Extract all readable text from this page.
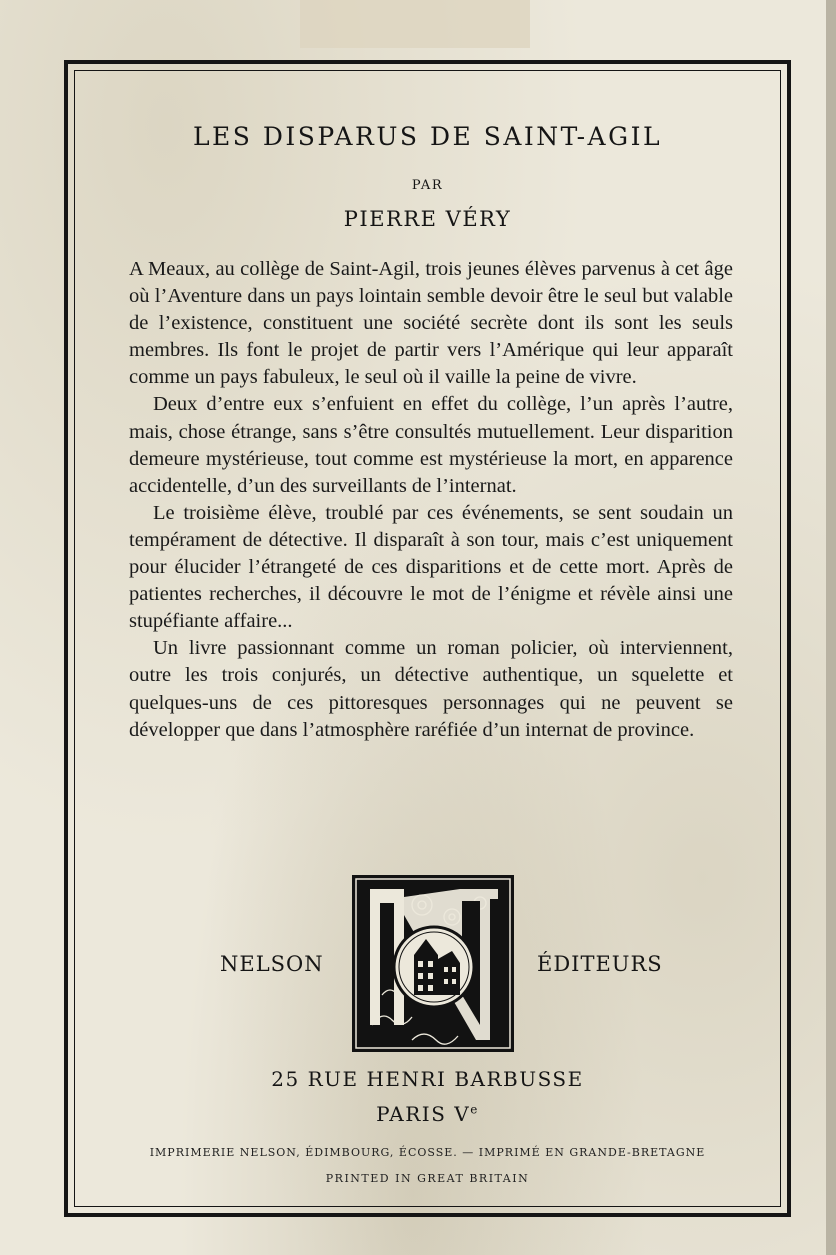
LES DISPARUS DE SAINT-AGIL
PAR
PIERRE VÉRY

A Meaux, au collège de Saint-Agil, trois jeunes élèves parvenus à cet âge où l’Aventure dans un pays lointain semble devoir être le seul but valable de l’existence, constituent une société secrète dont ils sont les seuls membres. Ils font le projet de partir vers l’Amérique qui leur apparaît comme un pays fabuleux, le seul où il vaille la peine de vivre.

Deux d’entre eux s’enfuient en effet du collège, l’un après l’autre, mais, chose étrange, sans s’être consultés mutuellement. Leur disparition demeure mystérieuse, tout comme est mystérieuse la mort, en apparence accidentelle, d’un des surveillants de l’internat.

Le troisième élève, troublé par ces événements, se sent soudain un tempérament de détective. Il disparaît à son tour, mais c’est uniquement pour élucider l’étrangeté de ces disparitions et de cette mort. Après de patientes recherches, il découvre le mot de l’énigme et révèle ainsi une stupéfiante affaire...

Un livre passionnant comme un roman policier, où interviennent, outre les trois conjurés, un détective authentique, un squelette et quelques-uns de ces pittoresques personnages qui ne peuvent se développer que dans l’atmosphère raréfiée d’un internat de province.

NELSON	ÉDITEURS
25 RUE HENRI BARBUSSE
PARIS Ve
IMPRIMERIE NELSON, ÉDIMBOURG, ÉCOSSE. — IMPRIMÉ EN GRANDE-BRETAGNE
PRINTED IN GREAT BRITAIN
